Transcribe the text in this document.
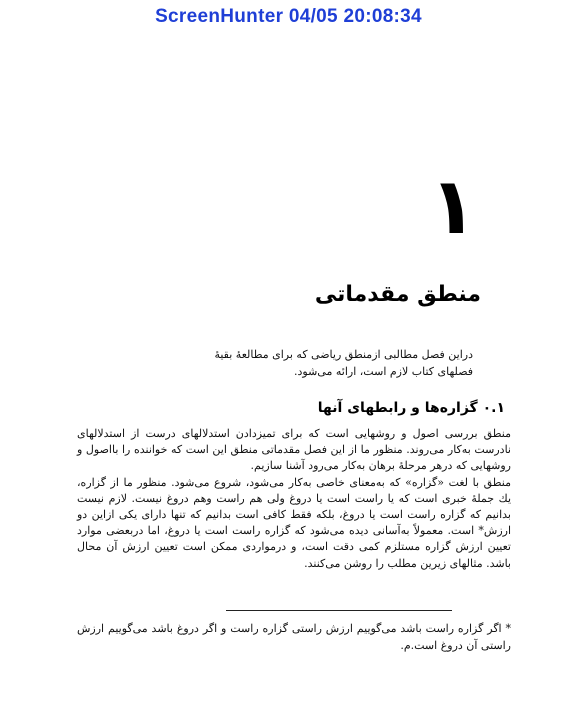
ScreenHunter 04/05 20:08:34
۱
منطق مقدماتی
دراین فصل مطالبی ازمنطق ریاضی که برای مطالعهٔ بقیهٔ فصلهای کتاب لازم است، ارائه می‌شود.
۰.۱ گزاره‌ها و رابطهای آنها

منطق بررسی اصول و روشهایی است که برای تمیزدادن استدلالهای درست از استدلالهای نادرست به‌کار می‌روند. منظور ما از این فصل مقدماتی منطق این است که خواننده را بااصول و روشهایی که درهر مرحلهٔ برهان به‌کار می‌رود آشنا سازیم.

منطق با لغت «گزاره» که به‌معنای خاصی به‌کار می‌شود، شروع می‌شود. منظور ما از گزاره، یك جملهٔ خبری است که یا راست است یا دروغ ولی هم راست وهم دروغ نیست. لازم نیست بدانیم که گزاره راست است یا دروغ، بلکه فقط کافی است بدانیم که تنها دارای یکی ازاین دو ارزش* است. معمولاً به‌آسانی دیده می‌شود که گزاره راست است یا دروغ، اما دربعضی موارد تعیین ارزش گزاره مستلزم کمی دقت است، و درمواردی ممکن است تعیین ارزش آن محال باشد. مثالهای زیرین مطلب را روشن می‌کنند.

* اگر گزاره راست باشد می‌گوییم ارزش راستی گزاره راست و اگر دروغ باشد می‌گوییم ارزش راستی آن دروغ است.م.
